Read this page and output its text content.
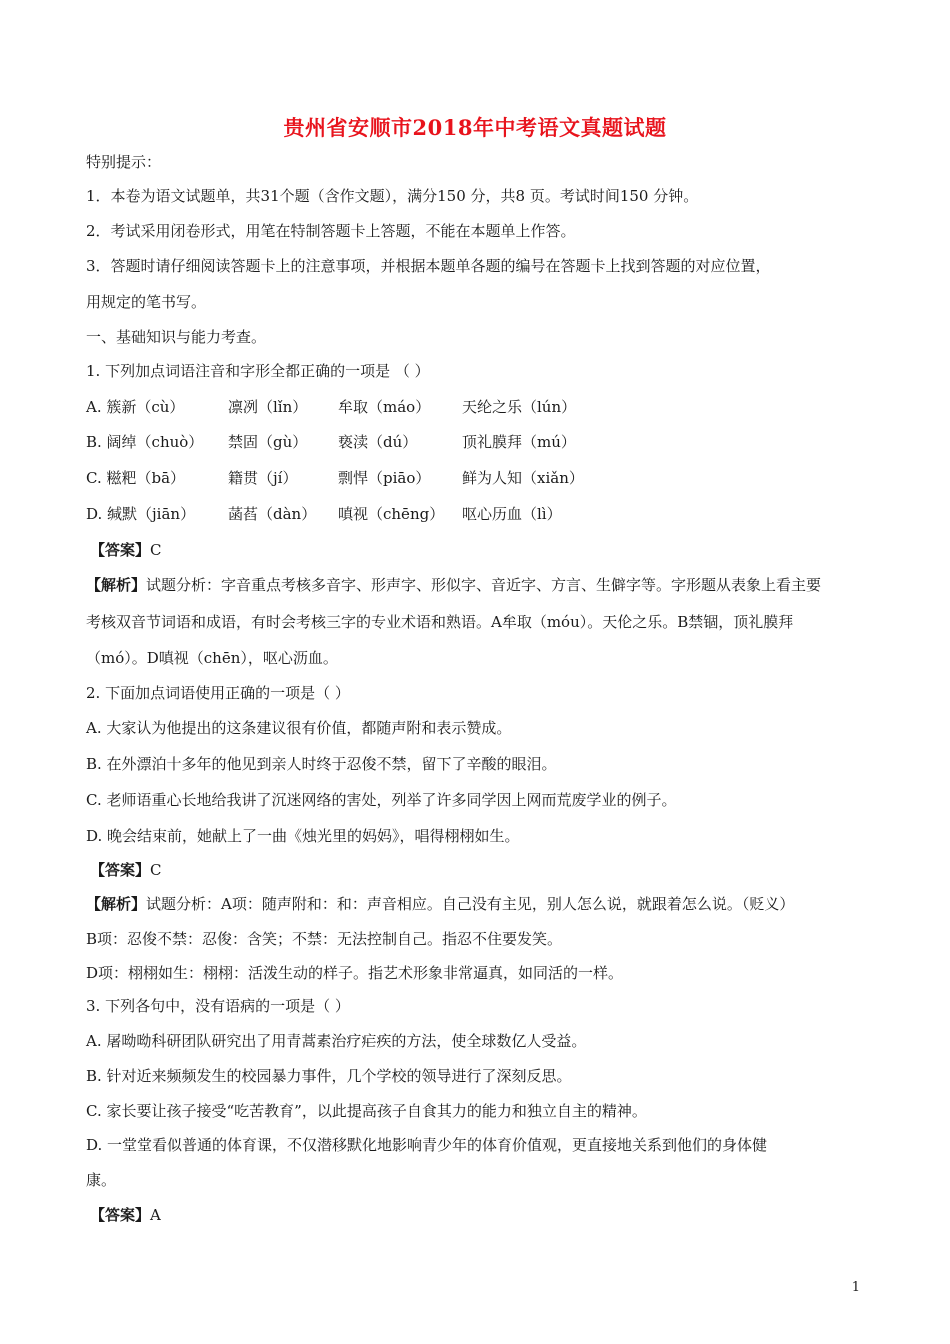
贵州省安顺市2018年中考语文真题试题
特别提示：
1．本卷为语文试题单，共31个题（含作文题），满分150 分，共8 页。考试时间150 分钟。
2．考试采用闭卷形式，用笔在特制答题卡上答题，不能在本题单上作答。
3．答题时请仔细阅读答题卡上的注意事项，并根据本题单各题的编号在答题卡上找到答题的对应位置，
用规定的笔书写。
一、基础知识与能力考查。
1. 下列加点词语注音和字形全都正确的一项是 （ ）
A. 簇新（cù）	凛冽（lǐn） 牟取（máo） 天纶之乐（lún）
B. 阔绰（chuò） 禁固（gù） 亵渎（dú）	顶礼膜拜（mú）
C. 糍粑（bā）	籍贯（jí）	剽悍（piāo） 鲜为人知（xiǎn）
D. 缄默（jiān） 菡萏（dàn） 嗔视（chēng） 呕心历血（lì）
【答案】C
【解析】试题分析：字音重点考核多音字、形声字、形似字、音近字、方言、生僻字等。字形题从表象上看主要
考核双音节词语和成语，有时会考核三字的专业术语和熟语。A牟取（móu）。天伦之乐。B禁锢，顶礼膜拜
（mó）。D嗔视（chēn），呕心沥血。
2. 下面加点词语使用正确的一项是（ ）
A. 大家认为他提出的这条建议很有价值，都随声附和表示赞成。
B. 在外漂泊十多年的他见到亲人时终于忍俊不禁，留下了辛酸的眼泪。
C. 老师语重心长地给我讲了沉迷网络的害处，列举了许多同学因上网而荒废学业的例子。
D. 晚会结束前，她献上了一曲《烛光里的妈妈》，唱得栩栩如生。
【答案】C
【解析】试题分析：A项：随声附和：和：声音相应。自己没有主见，别人怎么说，就跟着怎么说。（贬义）
B项：忍俊不禁：忍俊：含笑；不禁：无法控制自己。指忍不住要发笑。
D项：栩栩如生：栩栩：活泼生动的样子。指艺术形象非常逼真，如同活的一样。
3. 下列各句中，没有语病的一项是（ ）
A. 屠呦呦科研团队研究出了用青蒿素治疗疟疾的方法，使全球数亿人受益。
B. 针对近来频频发生的校园暴力事件，几个学校的领导进行了深刻反思。
C. 家长要让孩子接受“吃苦教育”，以此提高孩子自食其力的能力和独立自主的精神。
D. 一堂堂看似普通的体育课，不仅潜移默化地影响青少年的体育价值观，更直接地关系到他们的身体健
康。
【答案】A
1
